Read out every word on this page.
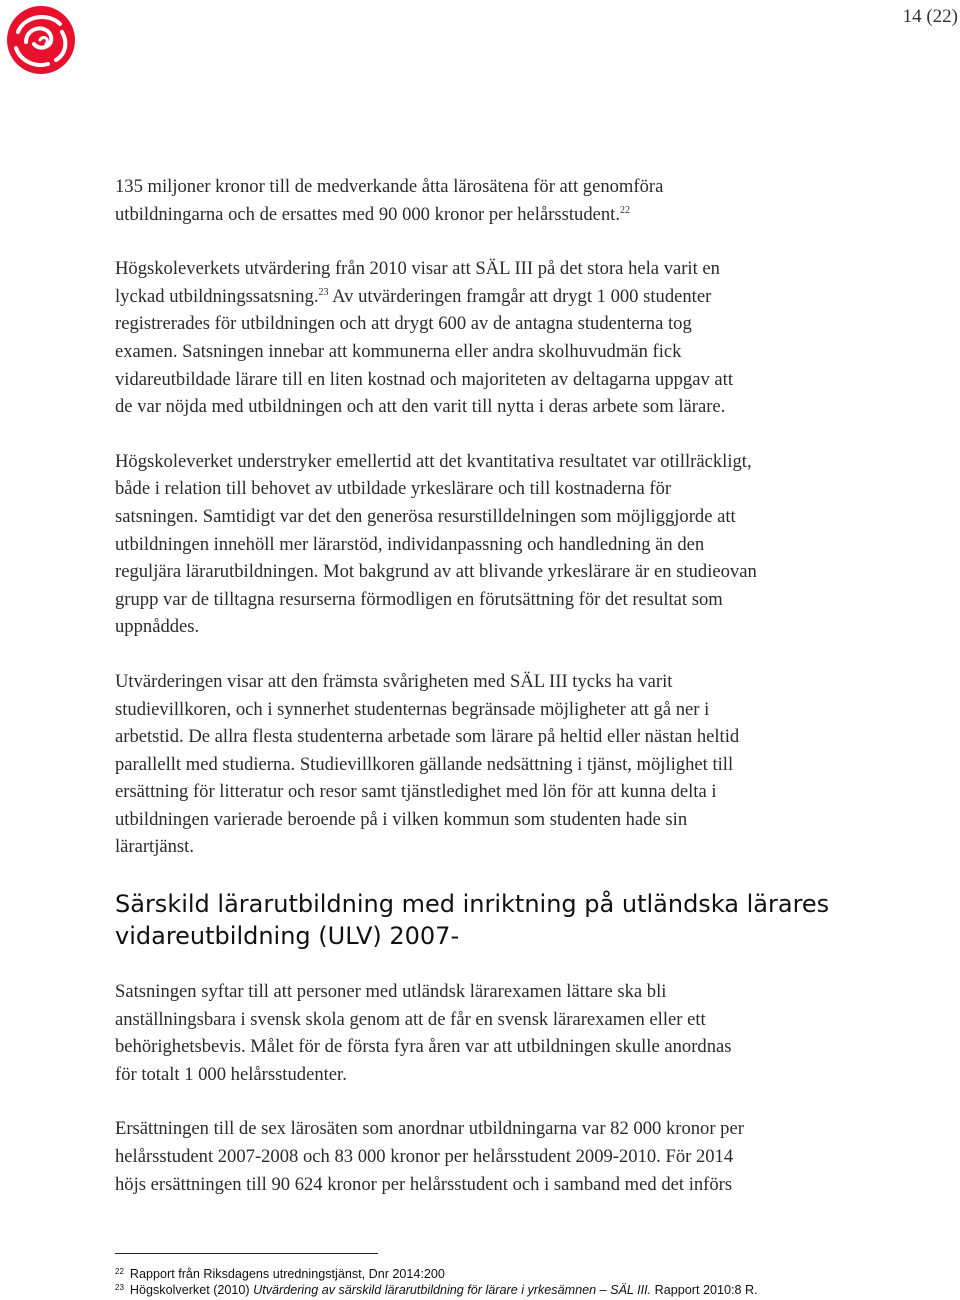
14 (22)

135 miljoner kronor till de medverkande åtta lärosätena för att genomföra
utbildningarna och de ersattes med 90 000 kronor per helårsstudent.$^{22}$

Högskoleverkets utvärdering från 2010 visar att SÄL III på det stora hela varit en
lyckad utbildningssatsning.$^{23}$ Av utvärderingen framgår att drygt 1 000 studenter
registrerades för utbildningen och att drygt 600 av de antagna studenterna tog
examen. Satsningen innebar att kommunerna eller andra skolhuvudmän fick
vidareutbildade lärare till en liten kostnad och majoriteten av deltagarna uppgav att
de var nöjda med utbildningen och att den varit till nytta i deras arbete som lärare.

Högskoleverket understryker emellertid att det kvantitativa resultatet var otillräckligt,
både i relation till behovet av utbildade yrkeslärare och till kostnaderna för
satsningen. Samtidigt var det den generösa resurstilldelningen som möjliggjorde att
utbildningen innehöll mer lärarstöd, individanpassning och handledning än den
reguljära lärarutbildningen. Mot bakgrund av att blivande yrkeslärare är en studieovan
grupp var de tilltagna resurserna förmodligen en förutsättning för det resultat som
uppnåddes.

Utvärderingen visar att den främsta svårigheten med SÄL III tycks ha varit
studievillkoren, och i synnerhet studenternas begränsade möjligheter att gå ner i
arbetstid. De allra flesta studenterna arbetade som lärare på heltid eller nästan heltid
parallellt med studierna. Studievillkoren gällande nedsättning i tjänst, möjlighet till
ersättning för litteratur och resor samt tjänstledighet med lön för att kunna delta i
utbildningen varierade beroende på i vilken kommun som studenten hade sin
lärartjänst.

Särskild lärarutbildning med inriktning på utländska lärares
vidareutbildning (ULV) 2007-

Satsningen syftar till att personer med utländsk lärarexamen lättare ska bli
anställningsbara i svensk skola genom att de får en svensk lärarexamen eller ett
behörighetsbevis. Målet för de första fyra åren var att utbildningen skulle anordnas
för totalt 1 000 helårsstudenter.

Ersättningen till de sex lärosäten som anordnar utbildningarna var 82 000 kronor per
helårsstudent 2007-2008 och 83 000 kronor per helårsstudent 2009-2010. För 2014
höjs ersättningen till 90 624 kronor per helårsstudent och i samband med det införs

$^{22}$ Rapport från Riksdagens utredningstjänst, Dnr 2014:200
$^{23}$ Högskolverket (2010) Utvärdering av särskild lärarutbildning för lärare i yrkesämnen – SÄL III. Rapport 2010:8 R.
